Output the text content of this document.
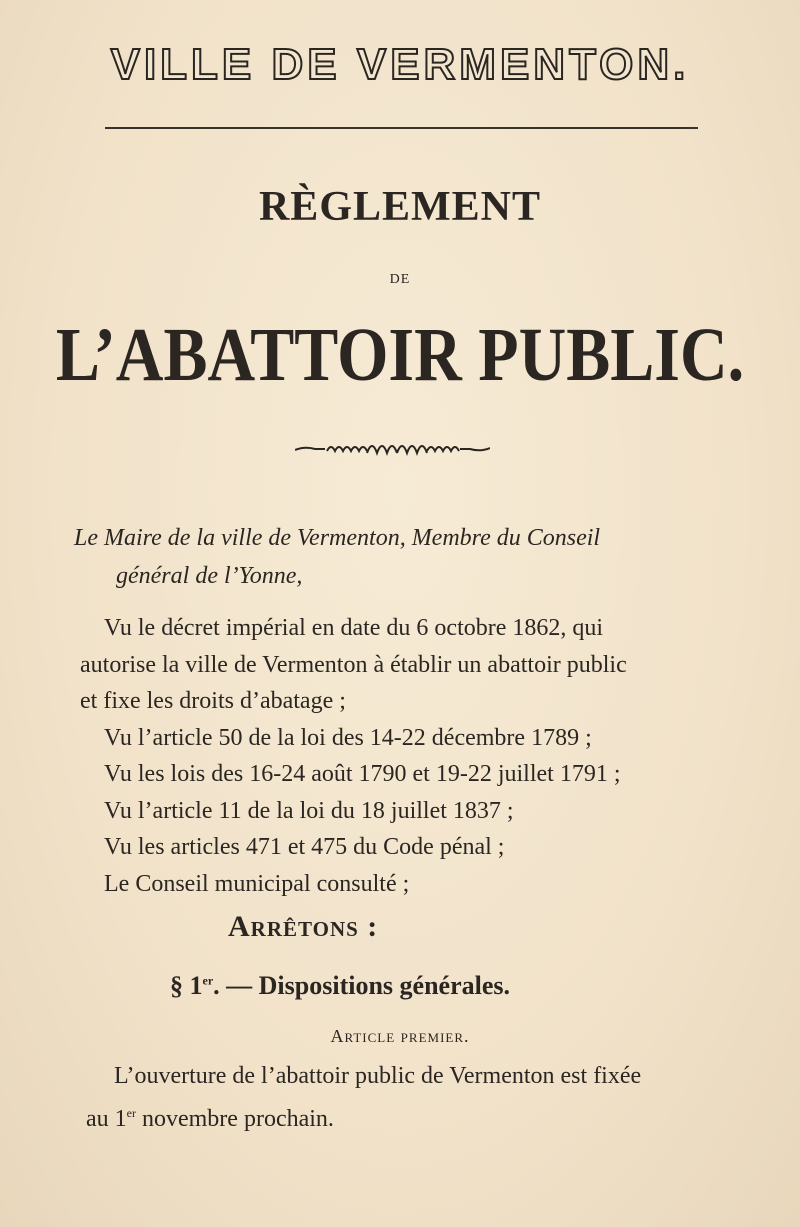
VILLE DE VERMENTON.
RÈGLEMENT
DE
L’ABATTOIR PUBLIC.
Le Maire de la ville de Vermenton, Membre du Conseil
général de l’Yonne,
Vu le décret impérial en date du 6 octobre 1862, qui
autorise la ville de Vermenton à établir un abattoir public
et fixe les droits d’abatage ;
Vu l’article 50 de la loi des 14-22 décembre 1789 ;
Vu les lois des 16-24 août 1790 et 19-22 juillet 1791 ;
Vu l’article 11 de la loi du 18 juillet 1837 ;
Vu les articles 471 et 475 du Code pénal ;
Le Conseil municipal consulté ;
Arrêtons :
§ 1er. — Dispositions générales.
Article premier.
L’ouverture de l’abattoir public de Vermenton est fixée
au 1er novembre prochain.
